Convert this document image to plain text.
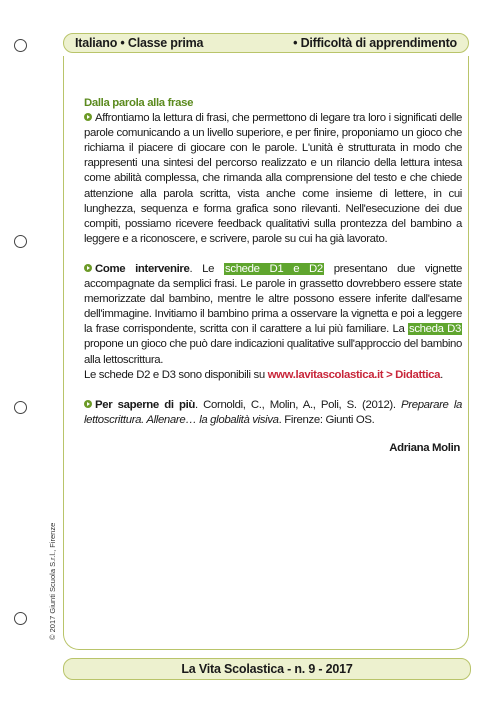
Italiano • Classe prima	• Difficoltà di apprendimento
© 2017 Giunti Scuola S.r.l., Firenze
Dalla parola alla frase

Affrontiamo la lettura di frasi, che permettono di legare tra loro i significati delle parole comunicando a un livello superiore, e per finire, proponiamo un gioco che richiama il piacere di giocare con le parole. L'unità è strutturata in modo che rappresenti una sintesi del percorso realizzato e un rilancio della lettura intesa come abilità complessa, che rimanda alla comprensione del testo e che chiede attenzione alla parola scritta, vista anche come insieme di lettere, in cui lunghezza, sequenza e forma grafica sono rilevanti. Nell'esecuzione dei due compiti, possiamo ricevere feedback qualitativi sulla prontezza del bambino a leggere e a riconoscere, e scrivere, parole su cui ha già lavorato.

Come intervenire. Le schede D1 e D2 presentano due vignette accompagnate da semplici frasi. Le parole in grassetto dovrebbero essere state memorizzate dal bambino, mentre le altre possono essere inferite dall'esame dell'immagine. Invitiamo il bambino prima a osservare la vignetta e poi a leggere la frase corrispondente, scritta con il carattere a lui più familiare. La scheda D3 propone un gioco che può dare indicazioni qualitative sull'approccio del bambino alla lettoscrittura.
Le schede D2 e D3 sono disponibili su www.lavitascolastica.it > Didattica.

Per saperne di più. Cornoldi, C., Molin, A., Poli, S. (2012). Preparare la lettoscrittura. Allenare… la globalità visiva. Firenze: Giunti OS.

Adriana Molin

La Vita Scolastica - n. 9 - 2017
